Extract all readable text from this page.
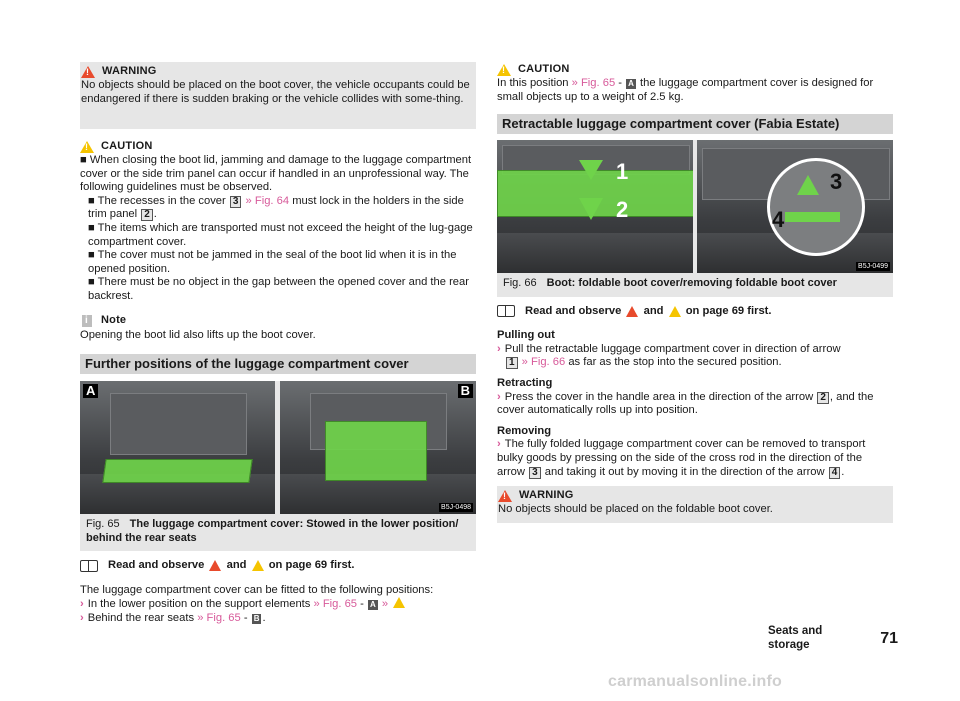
!
WARNING

No objects should be placed on the boot cover, the vehicle occupants could be endangered if there is sudden braking or the vehicle collides with some-thing.

!
CAUTION

■ When closing the boot lid, jamming and damage to the luggage compartment cover or the side trim panel can occur if handled in an unprofessional way. The following guidelines must be observed.

■ The recesses in the cover 3 » Fig. 64 must lock in the holders in the side trim panel 2 .

■ The items which are transported must not exceed the height of the lug-gage compartment cover.

■ The cover must not be jammed in the seal of the boot lid when it is in the opened position.

■ There must be no object in the gap between the opened cover and the rear backrest.

i
Note

Opening the boot lid also lifts up the boot cover.

Further positions of the luggage compartment cover
A	B
B5J-0498
Fig. 65 The luggage compartment cover: Stowed in the lower position/ behind the rear seats
Read and observe

and

on page 69 first.

The luggage compartment cover can be fitted to the following positions:

› In the lower position on the support elements » Fig. 65 - A »

› Behind the rear seats » Fig. 65 - B .

!
CAUTION

In this position » Fig. 65 - A the luggage compartment cover is designed for small objects up to a weight of 2.5 kg.

Retractable luggage compartment cover (Fabia Estate)
1
2
3
4
B5J-0499
Fig. 66 Boot: foldable boot cover/removing foldable boot cover
Read and observe

and

on page 69 first.
Pulling out

› Pull the retractable luggage compartment cover in direction of arrow
1 » Fig. 66 as far as the stop into the secured position.

Retracting

› Press the cover in the handle area in the direction of the arrow 2 , and the cover automatically rolls up into position.

Removing

› The fully folded luggage compartment cover can be removed to transport bulky goods by pressing on the side of the cross rod in the direction of the arrow 3 and taking it out by moving it in the direction of the arrow 4 .

!
WARNING

No objects should be placed on the foldable boot cover.

Seats and storage	71
carmanualsonline.info
